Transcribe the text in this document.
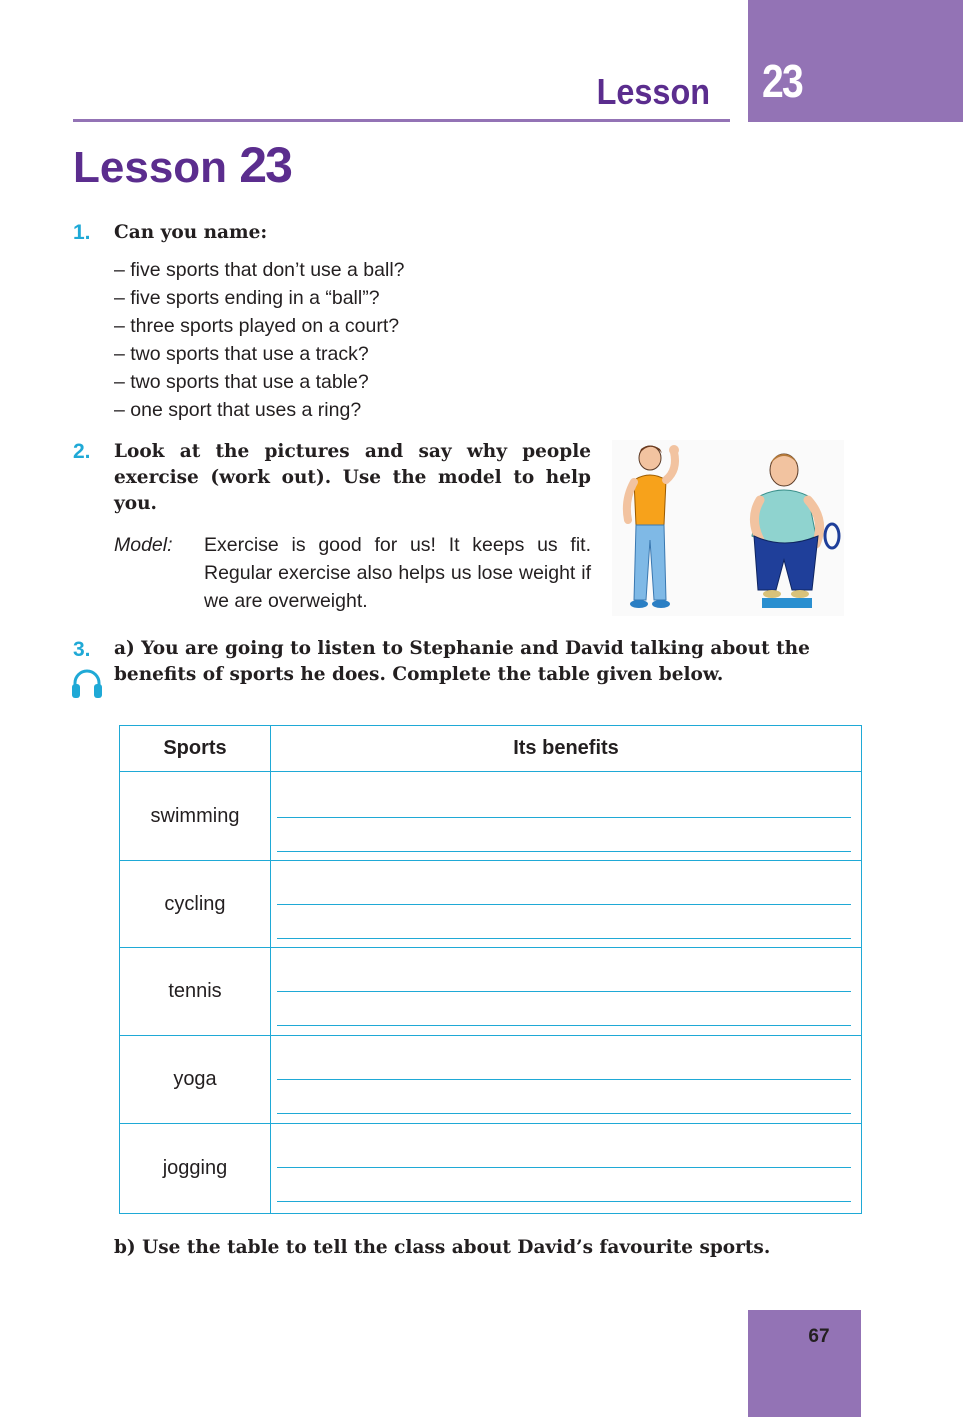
23
Lesson
Lesson 23
1. Can you name:
– five sports that don’t use a ball?
– five sports ending in a “ball”?
– three sports played on a court?
– two sports that use a track?
– two sports that use a table?
– one sport that uses a ring?
2. Look at the pictures and say why people exercise (work out). Use the model to help you.
Model: Exercise is good for us! It keeps us fit. Regular exercise also helps us lose weight if we are overweight.
3. a) You are going to listen to Stephanie and David talking about the benefits of sports he does. Complete the table given below.
Sports	Its benefits
swimming	

cycling	

tennis	

yoga	

jogging	
b) Use the table to tell the class about David’s favourite sports.
67
